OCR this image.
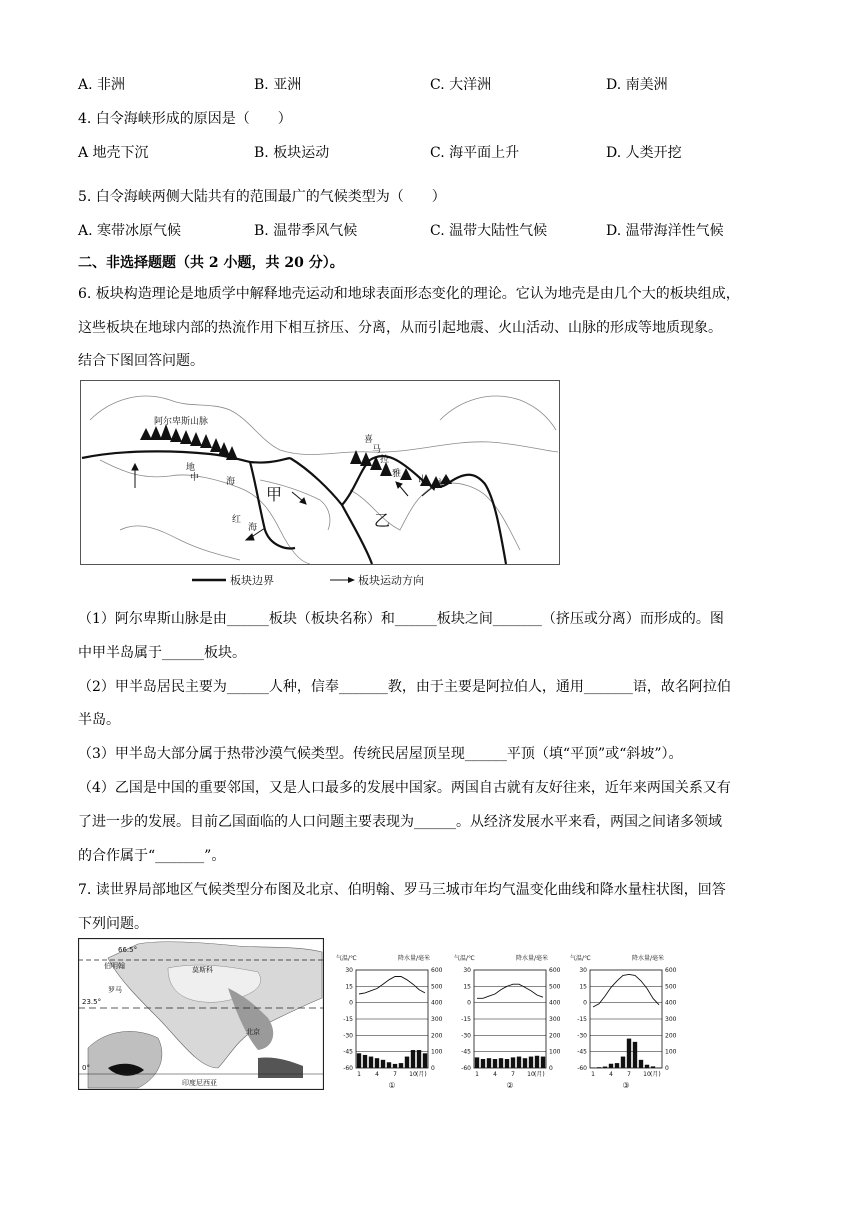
A. 非洲	B. 亚洲	C. 大洋洲	D. 南美洲
4. 白令海峡形成的原因是（　　）
A 地壳下沉	B. 板块运动	C. 海平面上升	D. 人类开挖
5. 白令海峡两侧大陆共有的范围最广的气候类型为（　　）
A. 寒带冰原气候	B. 温带季风气候	C. 温带大陆性气候	D. 温带海洋性气候
二、非选择题题（共 2 小题，共 20 分）。
6. 板块构造理论是地质学中解释地壳运动和地球表面形态变化的理论。它认为地壳是由几个大的板块组成，
这些板块在地球内部的热流作用下相互挤压、分离，从而引起地震、火山活动、山脉的形成等地质现象。
结合下图回答问题。
阿尔卑斯山脉
地
中	海
红
海
喜
马
拉
雅
山 脉
甲
乙
板块边界	板块运动方向
（1）阿尔卑斯山脉是由______板块（板块名称）和______板块之间_______（挤压或分离）而形成的。图
中甲半岛属于______板块。
（2）甲半岛居民主要为______人种，信奉_______教，由于主要是阿拉伯人，通用_______语，故名阿拉伯
半岛。
（3）甲半岛大部分属于热带沙漠气候类型。传统民居屋顶呈现______平顶（填“平顶”或“斜坡”）。
（4）乙国是中国的重要邻国，又是人口最多的发展中国家。两国自古就有友好往来，近年来两国关系又有
了进一步的发展。目前乙国面临的人口问题主要表现为______。从经济发展水平来看，两国之间诸多领域
的合作属于“_______”。
7. 读世界局部地区气候类型分布图及北京、伯明翰、罗马三城市年均气温变化曲线和降水量柱状图，回答
下列问题。
66.5°
23.5°
0°
伯明翰
罗马
莫斯科
北京
印度尼西亚
气温/℃	降水量/毫米
30	600
15	500
0	400
-15	300
-30	200
-45	100
-60	0
1 4 7 10 (月)
①
气温/℃	降水量/毫米
30	600
15	500
0	400
-15	300
-30	200
-45	100
-60	0
1 4 7 10 (月)
②
气温/℃	降水量/毫米
30	600
15	500
0	400
-15	300
-30	200
-45	100
-60	0
1 4 7 10 (月)
③
